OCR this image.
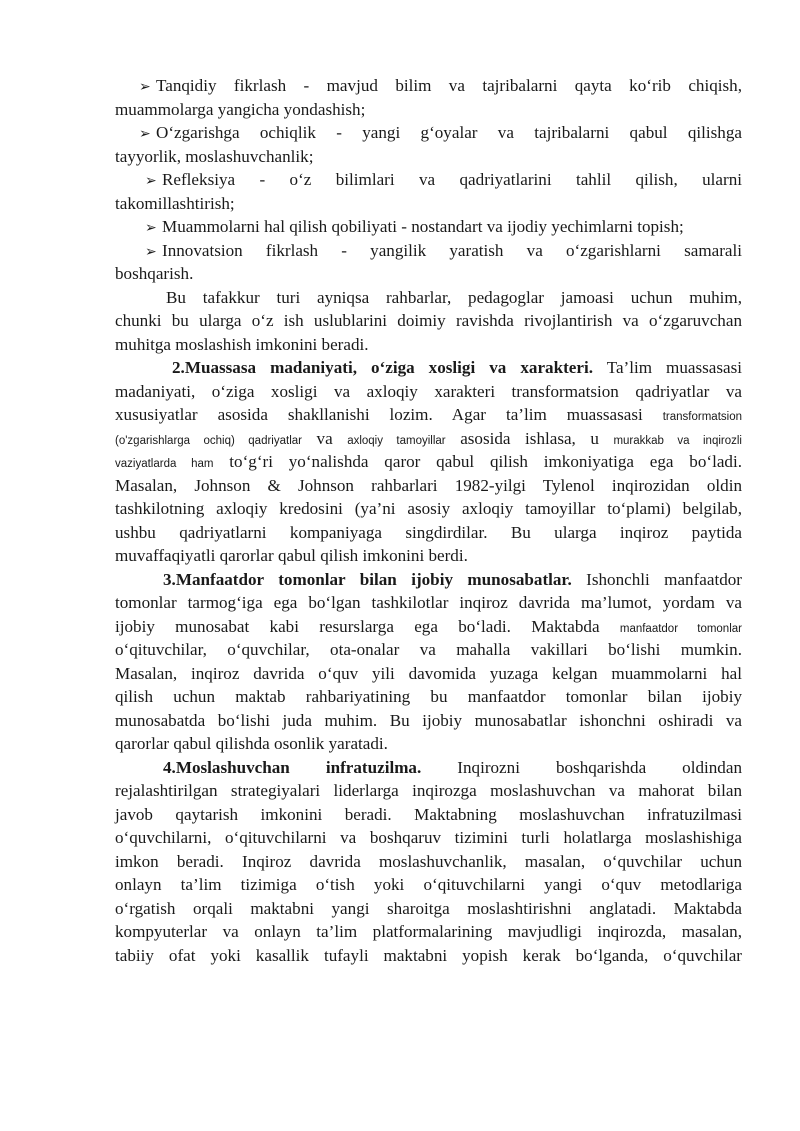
➢ Tanqidiy fikrlash - mavjud bilim va tajribalarni qayta ko‘rib chiqish,
muammolarga yangicha yondashish;
➢ O‘zgarishga ochiqlik - yangi g‘oyalar va tajribalarni qabul qilishga
tayyorlik, moslashuvchanlik;
➢ Refleksiya - o‘z bilimlari va qadriyatlarini tahlil qilish, ularni
takomillashtirish;
➢ Muammolarni hal qilish qobiliyati - nostandart va ijodiy yechimlarni topish;
➢ Innovatsion fikrlash - yangilik yaratish va o‘zgarishlarni samarali
boshqarish.
Bu tafakkur turi ayniqsa rahbarlar, pedagoglar jamoasi uchun muhim,
chunki bu ularga o‘z ish uslublarini doimiy ravishda rivojlantirish va o‘zgaruvchan
muhitga moslashish imkonini beradi.
2.Muassasa madaniyati, o‘ziga xosligi va xarakteri. Ta’lim muassasasi
madaniyati, o‘ziga xosligi va axloqiy xarakteri transformatsion qadriyatlar va
xususiyatlar asosida shakllanishi lozim. Agar ta’lim muassasasi transformatsion
(o'zgarishlarga ochiq) qadriyatlar va axloqiy tamoyillar asosida ishlasa, u murakkab va inqirozli
vaziyatlarda ham to‘g‘ri yo‘nalishda qaror qabul qilish imkoniyatiga ega bo‘ladi.
Masalan, Johnson & Johnson rahbarlari 1982-yilgi Tylenol inqirozidan oldin
tashkilotning axloqiy kredosini (ya’ni asosiy axloqiy tamoyillar to‘plami) belgilab,
ushbu qadriyatlarni kompaniyaga singdirdilar. Bu ularga inqiroz paytida
muvaffaqiyatli qarorlar qabul qilish imkonini berdi.
3.Manfaatdor tomonlar bilan ijobiy munosabatlar. Ishonchli manfaatdor
tomonlar tarmog‘iga ega bo‘lgan tashkilotlar inqiroz davrida ma’lumot, yordam va
ijobiy munosabat kabi resurslarga ega bo‘ladi. Maktabda manfaatdor tomonlar
o‘qituvchilar, o‘quvchilar, ota-onalar va mahalla vakillari bo‘lishi mumkin.
Masalan, inqiroz davrida o‘quv yili davomida yuzaga kelgan muammolarni hal
qilish uchun maktab rahbariyatining bu manfaatdor tomonlar bilan ijobiy
munosabatda bo‘lishi juda muhim. Bu ijobiy munosabatlar ishonchni oshiradi va
qarorlar qabul qilishda osonlik yaratadi.
4.Moslashuvchan infratuzilma. Inqirozni boshqarishda oldindan
rejalashtirilgan strategiyalari liderlarga inqirozga moslashuvchan va mahorat bilan
javob qaytarish imkonini beradi. Maktabning moslashuvchan infratuzilmasi
o‘quvchilarni, o‘qituvchilarni va boshqaruv tizimini turli holatlarga moslashishiga
imkon beradi. Inqiroz davrida moslashuvchanlik, masalan, o‘quvchilar uchun
onlayn ta’lim tizimiga o‘tish yoki o‘qituvchilarni yangi o‘quv metodlariga
o‘rgatish orqali maktabni yangi sharoitga moslashtirishni anglatadi. Maktabda
kompyuterlar va onlayn ta’lim platformalarining mavjudligi inqirozda, masalan,
tabiiy ofat yoki kasallik tufayli maktabni yopish kerak bo‘lganda, o‘quvchilar
